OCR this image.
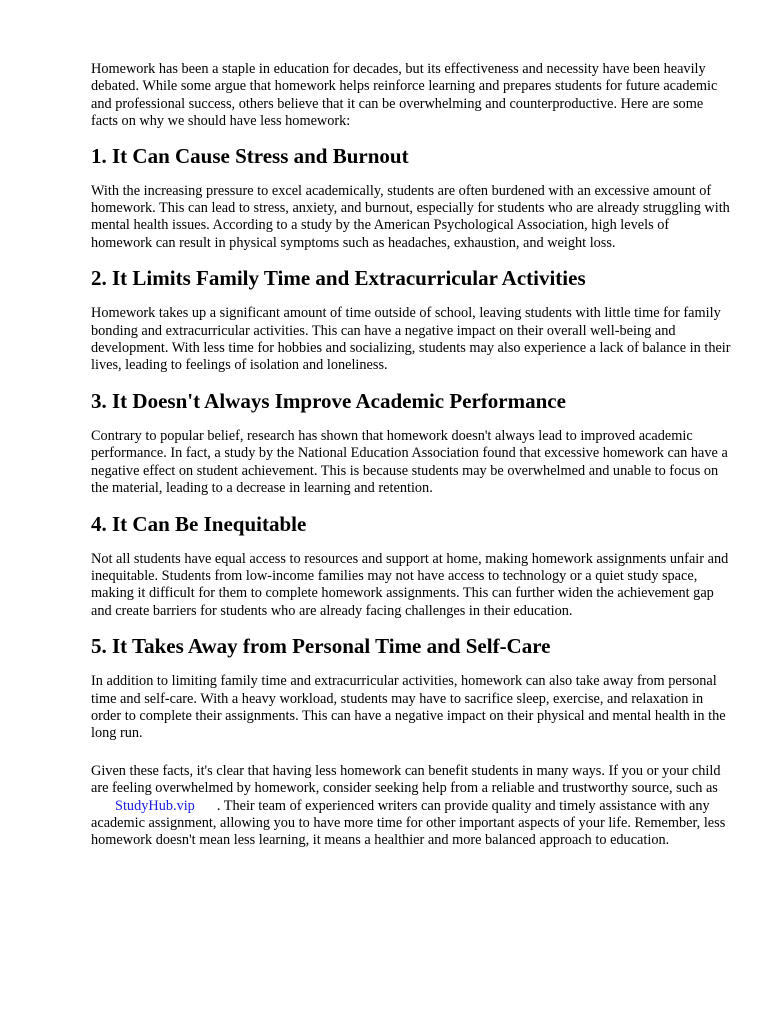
Homework has been a staple in education for decades, but its effectiveness and necessity have been heavily debated. While some argue that homework helps reinforce learning and prepares students for future academic and professional success, others believe that it can be overwhelming and counterproductive. Here are some facts on why we should have less homework:

1. It Can Cause Stress and Burnout

With the increasing pressure to excel academically, students are often burdened with an excessive amount of homework. This can lead to stress, anxiety, and burnout, especially for students who are already struggling with mental health issues. According to a study by the American Psychological Association, high levels of homework can result in physical symptoms such as headaches, exhaustion, and weight loss.

2. It Limits Family Time and Extracurricular Activities

Homework takes up a significant amount of time outside of school, leaving students with little time for family bonding and extracurricular activities. This can have a negative impact on their overall well-being and development. With less time for hobbies and socializing, students may also experience a lack of balance in their lives, leading to feelings of isolation and loneliness.

3. It Doesn't Always Improve Academic Performance

Contrary to popular belief, research has shown that homework doesn't always lead to improved academic performance. In fact, a study by the National Education Association found that excessive homework can have a negative effect on student achievement. This is because students may be overwhelmed and unable to focus on the material, leading to a decrease in learning and retention.

4. It Can Be Inequitable

Not all students have equal access to resources and support at home, making homework assignments unfair and inequitable. Students from low-income families may not have access to technology or a quiet study space, making it difficult for them to complete homework assignments. This can further widen the achievement gap and create barriers for students who are already facing challenges in their education.

5. It Takes Away from Personal Time and Self-Care

In addition to limiting family time and extracurricular activities, homework can also take away from personal time and self-care. With a heavy workload, students may have to sacrifice sleep, exercise, and relaxation in order to complete their assignments. This can have a negative impact on their physical and mental health in the long run.

Given these facts, it's clear that having less homework can benefit students in many ways. If you or your child are feeling overwhelmed by homework, consider seeking help from a reliable and trustworthy source, such asStudyHub.vip . Their team of experienced writers can provide quality and timely assistance with any academic assignment, allowing you to have more time for other important aspects of your life. Remember, less homework doesn't mean less learning, it means a healthier and more balanced approach to education.
